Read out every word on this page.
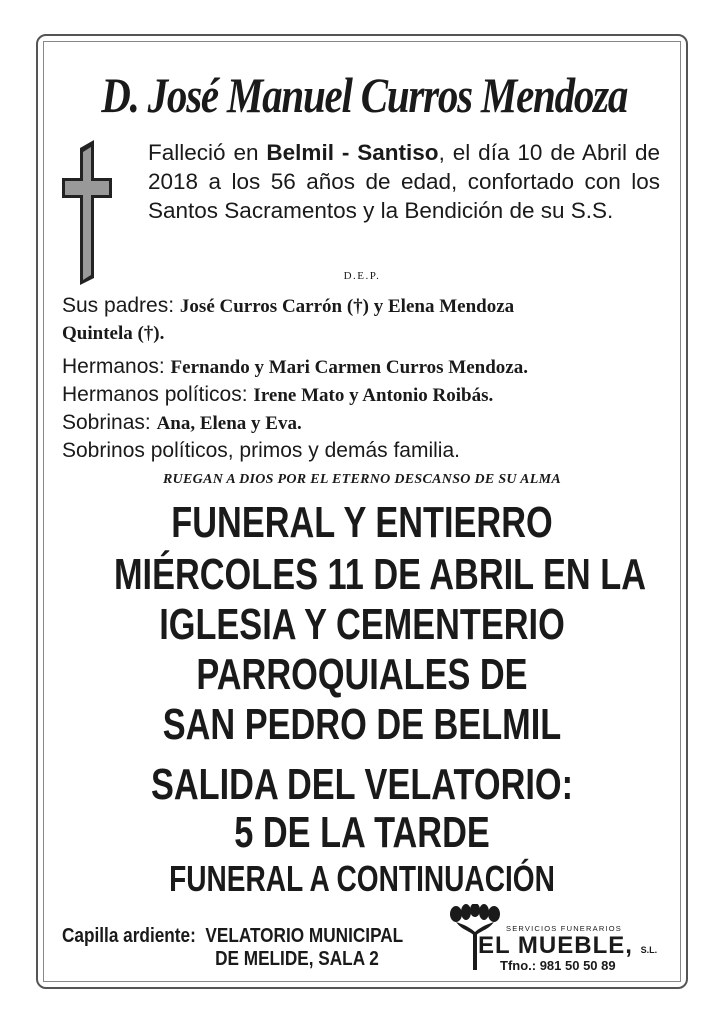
D. José Manuel Curros Mendoza
Falleció en Belmil - Santiso, el día 10 de Abril de 2018 a los 56 años de edad, confortado con los Santos Sacramentos y la Bendición de su S.S.
D.E.P.
Sus padres: José Curros Carrón (†) y Elena Mendoza
Quintela (†).
Hermanos: Fernando y Mari Carmen Curros Mendoza.
Hermanos políticos: Irene Mato y Antonio Roibás.
Sobrinas: Ana, Elena y Eva.
Sobrinos políticos, primos y demás familia.
RUEGAN A DIOS POR EL ETERNO DESCANSO DE SU ALMA
FUNERAL Y ENTIERRO
MIÉRCOLES 11 DE ABRIL EN LA
IGLESIA Y CEMENTERIO
PARROQUIALES DE
SAN PEDRO DE BELMIL
SALIDA DEL VELATORIO:
5 DE LA TARDE
FUNERAL A CONTINUACIÓN
Capilla ardiente: VELATORIO MUNICIPAL
DE MELIDE, SALA 2
SERVICIOS FUNERARIOS
EL MUEBLE, S.L.
Tfno.: 981 50 50 89
